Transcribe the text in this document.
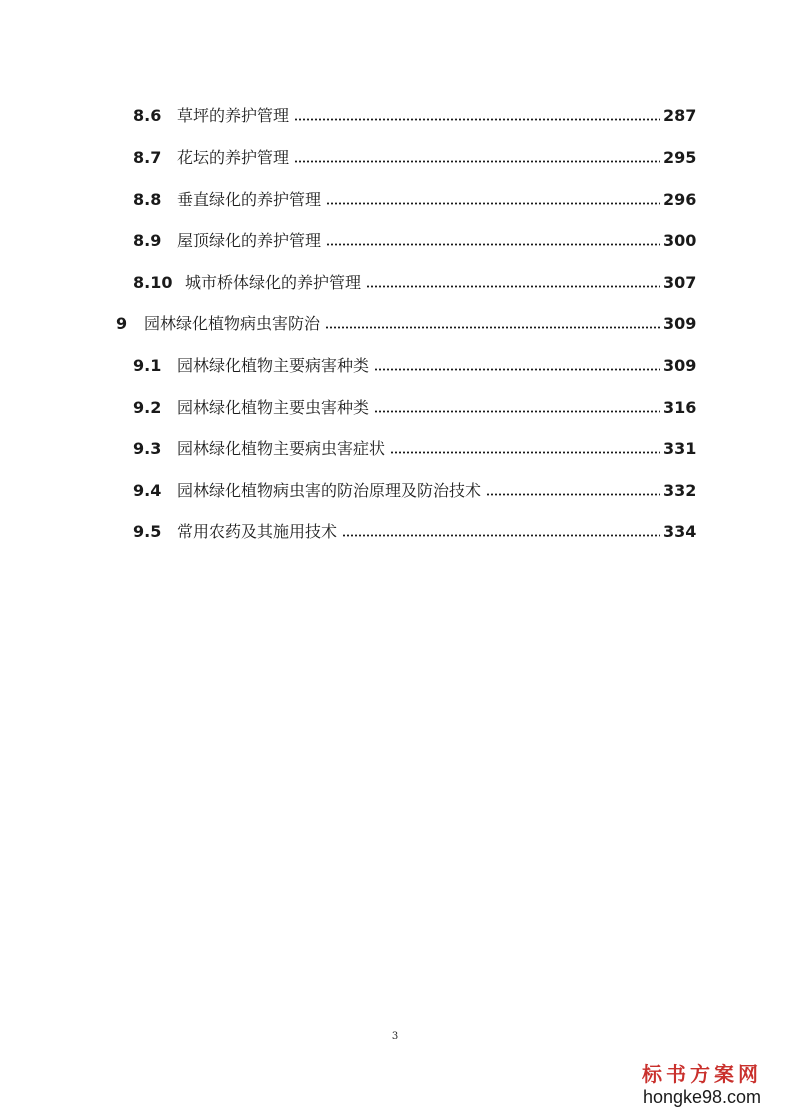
8.6 草坪的养护管理	287
8.7 花坛的养护管理	295
8.8 垂直绿化的养护管理	296
8.9 屋顶绿化的养护管理	300
8.10 城市桥体绿化的养护管理	307
9	园林绿化植物病虫害防治	309
9.1 园林绿化植物主要病害种类	309
9.2 园林绿化植物主要虫害种类	316
9.3 园林绿化植物主要病虫害症状	331
9.4 园林绿化植物病虫害的防治原理及防治技术	332
9.5 常用农药及其施用技术	334
3
标书方案网
hongke98.com
